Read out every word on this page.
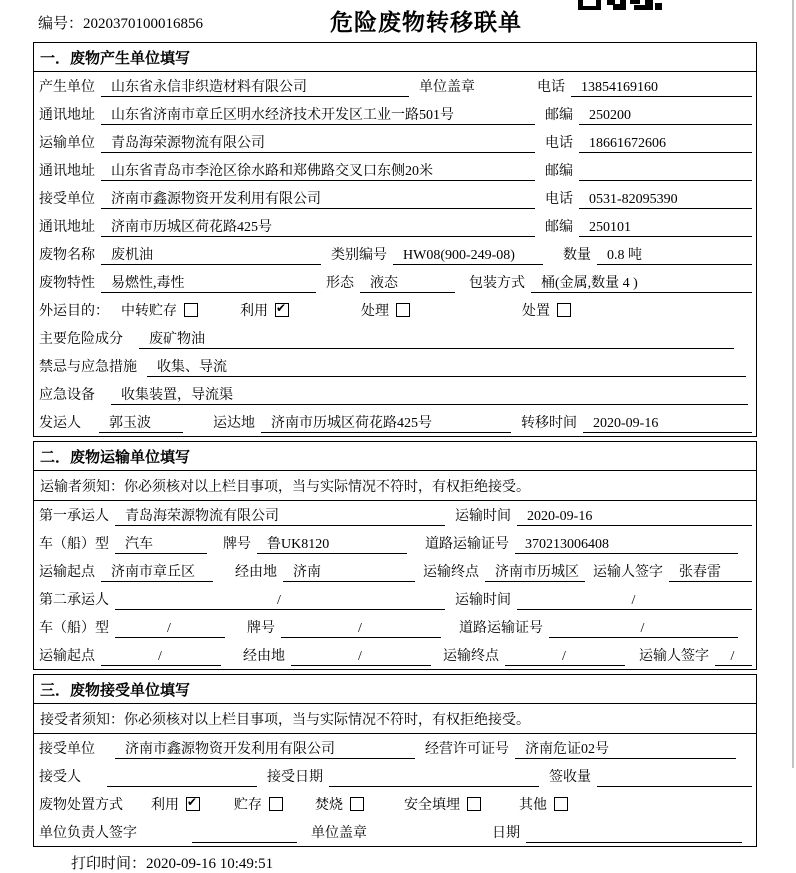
编号：2020370100016856	危险废物转移联单
一．废物产生单位填写
产生单位	山东省永信非织造材料有限公司	单位盖章	电话	13854169160
通讯地址	山东省济南市章丘区明水经济技术开发区工业一路501号	邮编	250200
运输单位	青岛海荣源物流有限公司	电话	18661672606
通讯地址	山东省青岛市李沧区徐水路和郑佛路交叉口东侧20米	邮编
接受单位	济南市鑫源物资开发利用有限公司	电话	0531-82095390
通讯地址	济南市历城区荷花路425号	邮编	250101
废物名称	废机油	类别编号	HW08(900-249-08)	数量	0.8 吨
废物特性	易燃性,毒性	形态	液态	包装方式	桶(金属,数量 4 )
外运目的： 中转贮存	利用 ✔	处理	处置
主要危险成分	废矿物油
禁忌与应急措施	收集、导流
应急设备	收集装置，导流渠
发运人	郭玉波	运达地	济南市历城区荷花路425号	转移时间	2020-09-16
二．废物运输单位填写
运输者须知：你必须核对以上栏目事项，当与实际情况不符时，有权拒绝接受。
第一承运人	青岛海荣源物流有限公司	运输时间	2020-09-16
车（船）型	汽车	牌号	鲁UK8120	道路运输证号	370213006408
运输起点	济南市章丘区	经由地	济南	运输终点	济南市历城区	运输人签字	张春雷
第二承运人	/	运输时间	/
车（船）型	/	牌号	/	道路运输证号	/
运输起点	/	经由地	/	运输终点	/	运输人签字	/
三．废物接受单位填写
接受者须知：你必须核对以上栏目事项，当与实际情况不符时，有权拒绝接受。
接受单位	济南市鑫源物资开发利用有限公司	经营许可证号	济南危证02号
接受人	接受日期	签收量
废物处置方式 利用 ✔	贮存	焚烧	安全填埋	其他
单位负责人签字	单位盖章	日期
打印时间：2020-09-16 10:49:51
